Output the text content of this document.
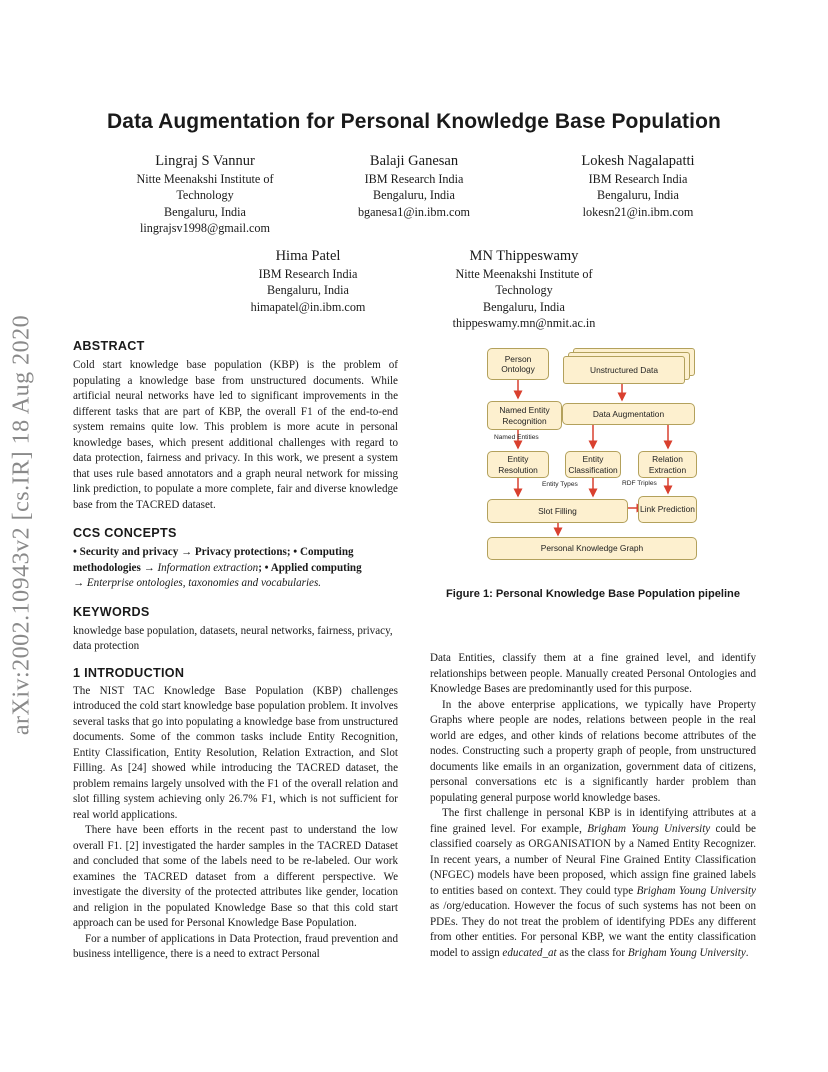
arXiv:2002.10943v2 [cs.IR] 18 Aug 2020
Data Augmentation for Personal Knowledge Base Population
Lingraj S Vannur
Nitte Meenakshi Institute of
Technology
Bengaluru, India
lingrajsv1998@gmail.com
Balaji Ganesan
IBM Research India
Bengaluru, India
bganesa1@in.ibm.com
Lokesh Nagalapatti
IBM Research India
Bengaluru, India
lokesn21@in.ibm.com
Hima Patel
IBM Research India
Bengaluru, India
himapatel@in.ibm.com
MN Thippeswamy
Nitte Meenakshi Institute of
Technology
Bengaluru, India
thippeswamy.mn@nmit.ac.in
ABSTRACT

Cold start knowledge base population (KBP) is the problem of populating a knowledge base from unstructured documents. While artificial neural networks have led to significant improvements in the different tasks that are part of KBP, the overall F1 of the end-to-end system remains quite low. This problem is more acute in personal knowledge bases, which present additional challenges with regard to data protection, fairness and privacy. In this work, we present a system that uses rule based annotators and a graph neural network for missing link prediction, to populate a more complete, fair and diverse knowledge base from the TACRED dataset.

CCS CONCEPTS

• Security and privacy → Privacy protections; • Computing methodologies → Information extraction; • Applied computing
→ Enterprise ontologies, taxonomies and vocabularies.

KEYWORDS

knowledge base population, datasets, neural networks, fairness, privacy, data protection

1 INTRODUCTION

The NIST TAC Knowledge Base Population (KBP) challenges introduced the cold start knowledge base population problem. It involves several tasks that go into populating a knowledge base from unstructured documents. Some of the common tasks include Entity Recognition, Entity Classification, Entity Resolution, Relation Extraction, and Slot Filling. As [24] showed while introducing the TACRED dataset, the problem remains largely unsolved with the F1 of the overall relation and slot filling system achieving only 26.7% F1, which is not sufficient for real world applications.

There have been efforts in the recent past to understand the low overall F1. [2] investigated the harder samples in the TACRED Dataset and concluded that some of the labels need to be re-labeled. Our work examines the TACRED dataset from a different perspective. We investigate the diversity of the protected attributes like gender, location and religion in the populated Knowledge Base so that this cold start approach can be used for Personal Knowledge Base Population.

For a number of applications in Data Protection, fraud prevention and business intelligence, there is a need to extract Personal

Person Ontology	Unstructured Data
Named Entity Recognition
Data Augmentation
Named Entities
Entity Resolution
Entity Classification
Relation Extraction
Entity Types	RDF Triples
Slot Filling	Link Prediction
Personal Knowledge Graph
Figure 1: Personal Knowledge Base Population pipeline

Data Entities, classify them at a fine grained level, and identify relationships between people. Manually created Personal Ontologies and Knowledge Bases are predominantly used for this purpose.

In the above enterprise applications, we typically have Property Graphs where people are nodes, relations between people in the real world are edges, and other kinds of relations become attributes of the nodes. Constructing such a property graph of people, from unstructured documents like emails in an organization, government data of citizens, personal conversations etc is a significantly harder problem than populating general purpose world knowledge bases.

The first challenge in personal KBP is in identifying attributes at a fine grained level. For example, Brigham Young University could be classified coarsely as ORGANISATION by a Named Entity Recognizer. In recent years, a number of Neural Fine Grained Entity Classification (NFGEC) models have been proposed, which assign fine grained labels to entities based on context. They could type Brigham Young University as /org/education. However the focus of such systems has not been on PDEs. They do not treat the problem of identifying PDEs any different from other entities. For personal KBP, we want the entity classification model to assign educated_at as the class for Brigham Young University.
